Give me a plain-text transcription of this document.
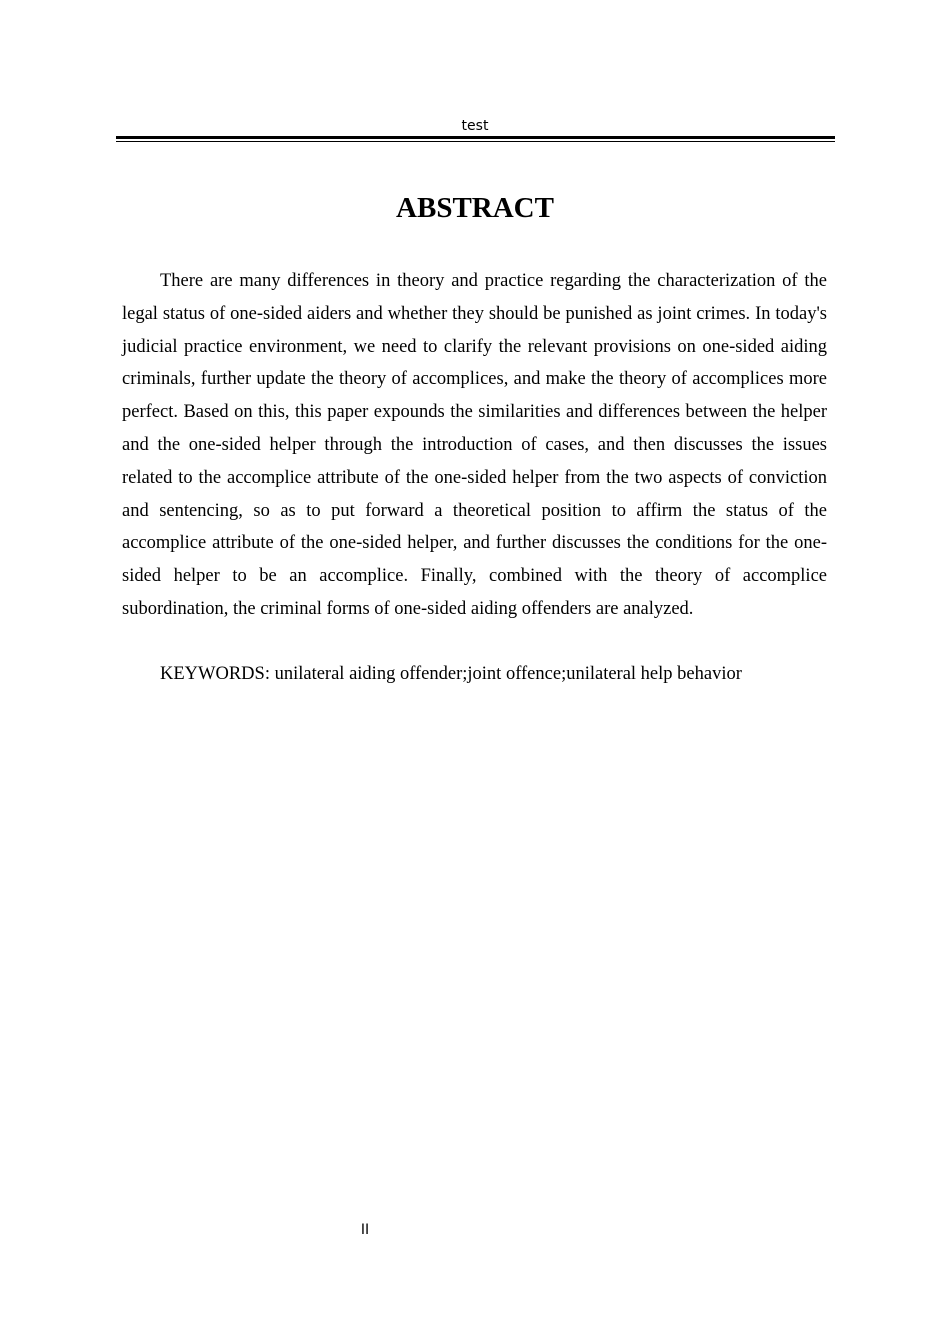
test
ABSTRACT

There are many differences in theory and practice regarding the characterization of the legal status of one-sided aiders and whether they should be punished as joint crimes. In today's judicial practice environment, we need to clarify the relevant provisions on one-sided aiding criminals, further update the theory of accomplices, and make the theory of accomplices more perfect. Based on this, this paper expounds the similarities and differences between the helper and the one-sided helper through the introduction of cases, and then discusses the issues related to the accomplice attribute of the one-sided helper from the two aspects of conviction and sentencing, so as to put forward a theoretical position to affirm the status of the accomplice attribute of the one-sided helper, and further discusses the conditions for the one-sided helper to be an accomplice. Finally, combined with the theory of accomplice subordination, the criminal forms of one-sided aiding offenders are analyzed.

KEYWORDS: unilateral aiding offender;joint offence;unilateral help behavior

II
